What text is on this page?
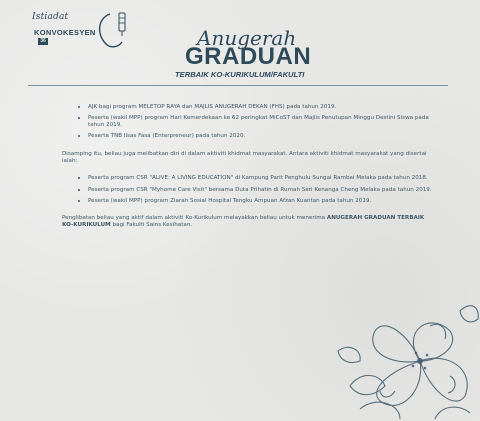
Istiadat
KONVOKESYEN
36	Anugerah
GRADUAN
TERBAIK KO-KURIKULUM/FAKULTI
• AJK bagi program MELETOP RAYA dan MAJLIS ANUGERAH DEKAN (FHS) pada tahun 2019.
• Peserta (wakil MPP) program Hari Kemerdekaan ke 62 peringkat MiCoST dan Majlis Penutupan Minggu Destini Siswa pada tahun 2019.
• Peserta TNB Ilsas Fasa (Enterpreneur) pada tahun 2020.

Disamping itu, beliau juga melibatkan diri di dalam aktiviti khidmat masyarakat. Antara aktiviti khidmat masyarakat yang disertai ialah:

• Peserta program CSR "ALIVE: A LIVING EDUCATION" di Kampung Parit Penghulu Sungai Rambai Melaka pada tahun 2018.
• Peserta program CSR "Myhome Care Visit" bersama Duta Prihatin di Rumah Seri Kenanga Cheng Melaka pada tahun 2019.
• Peserta (wakil MPP) program Ziarah Sosial Hospital Tengku Ampuan Afzan Kuantan pada tahun 2019.

Penglibatan beliau yang aktif dalam aktiviti Ko-Kurikulum melayakkan beliau untuk menerima ANUGERAH GRADUAN TERBAIK KO-KURIKULUM bagi Fakulti Sains Kesihatan.
